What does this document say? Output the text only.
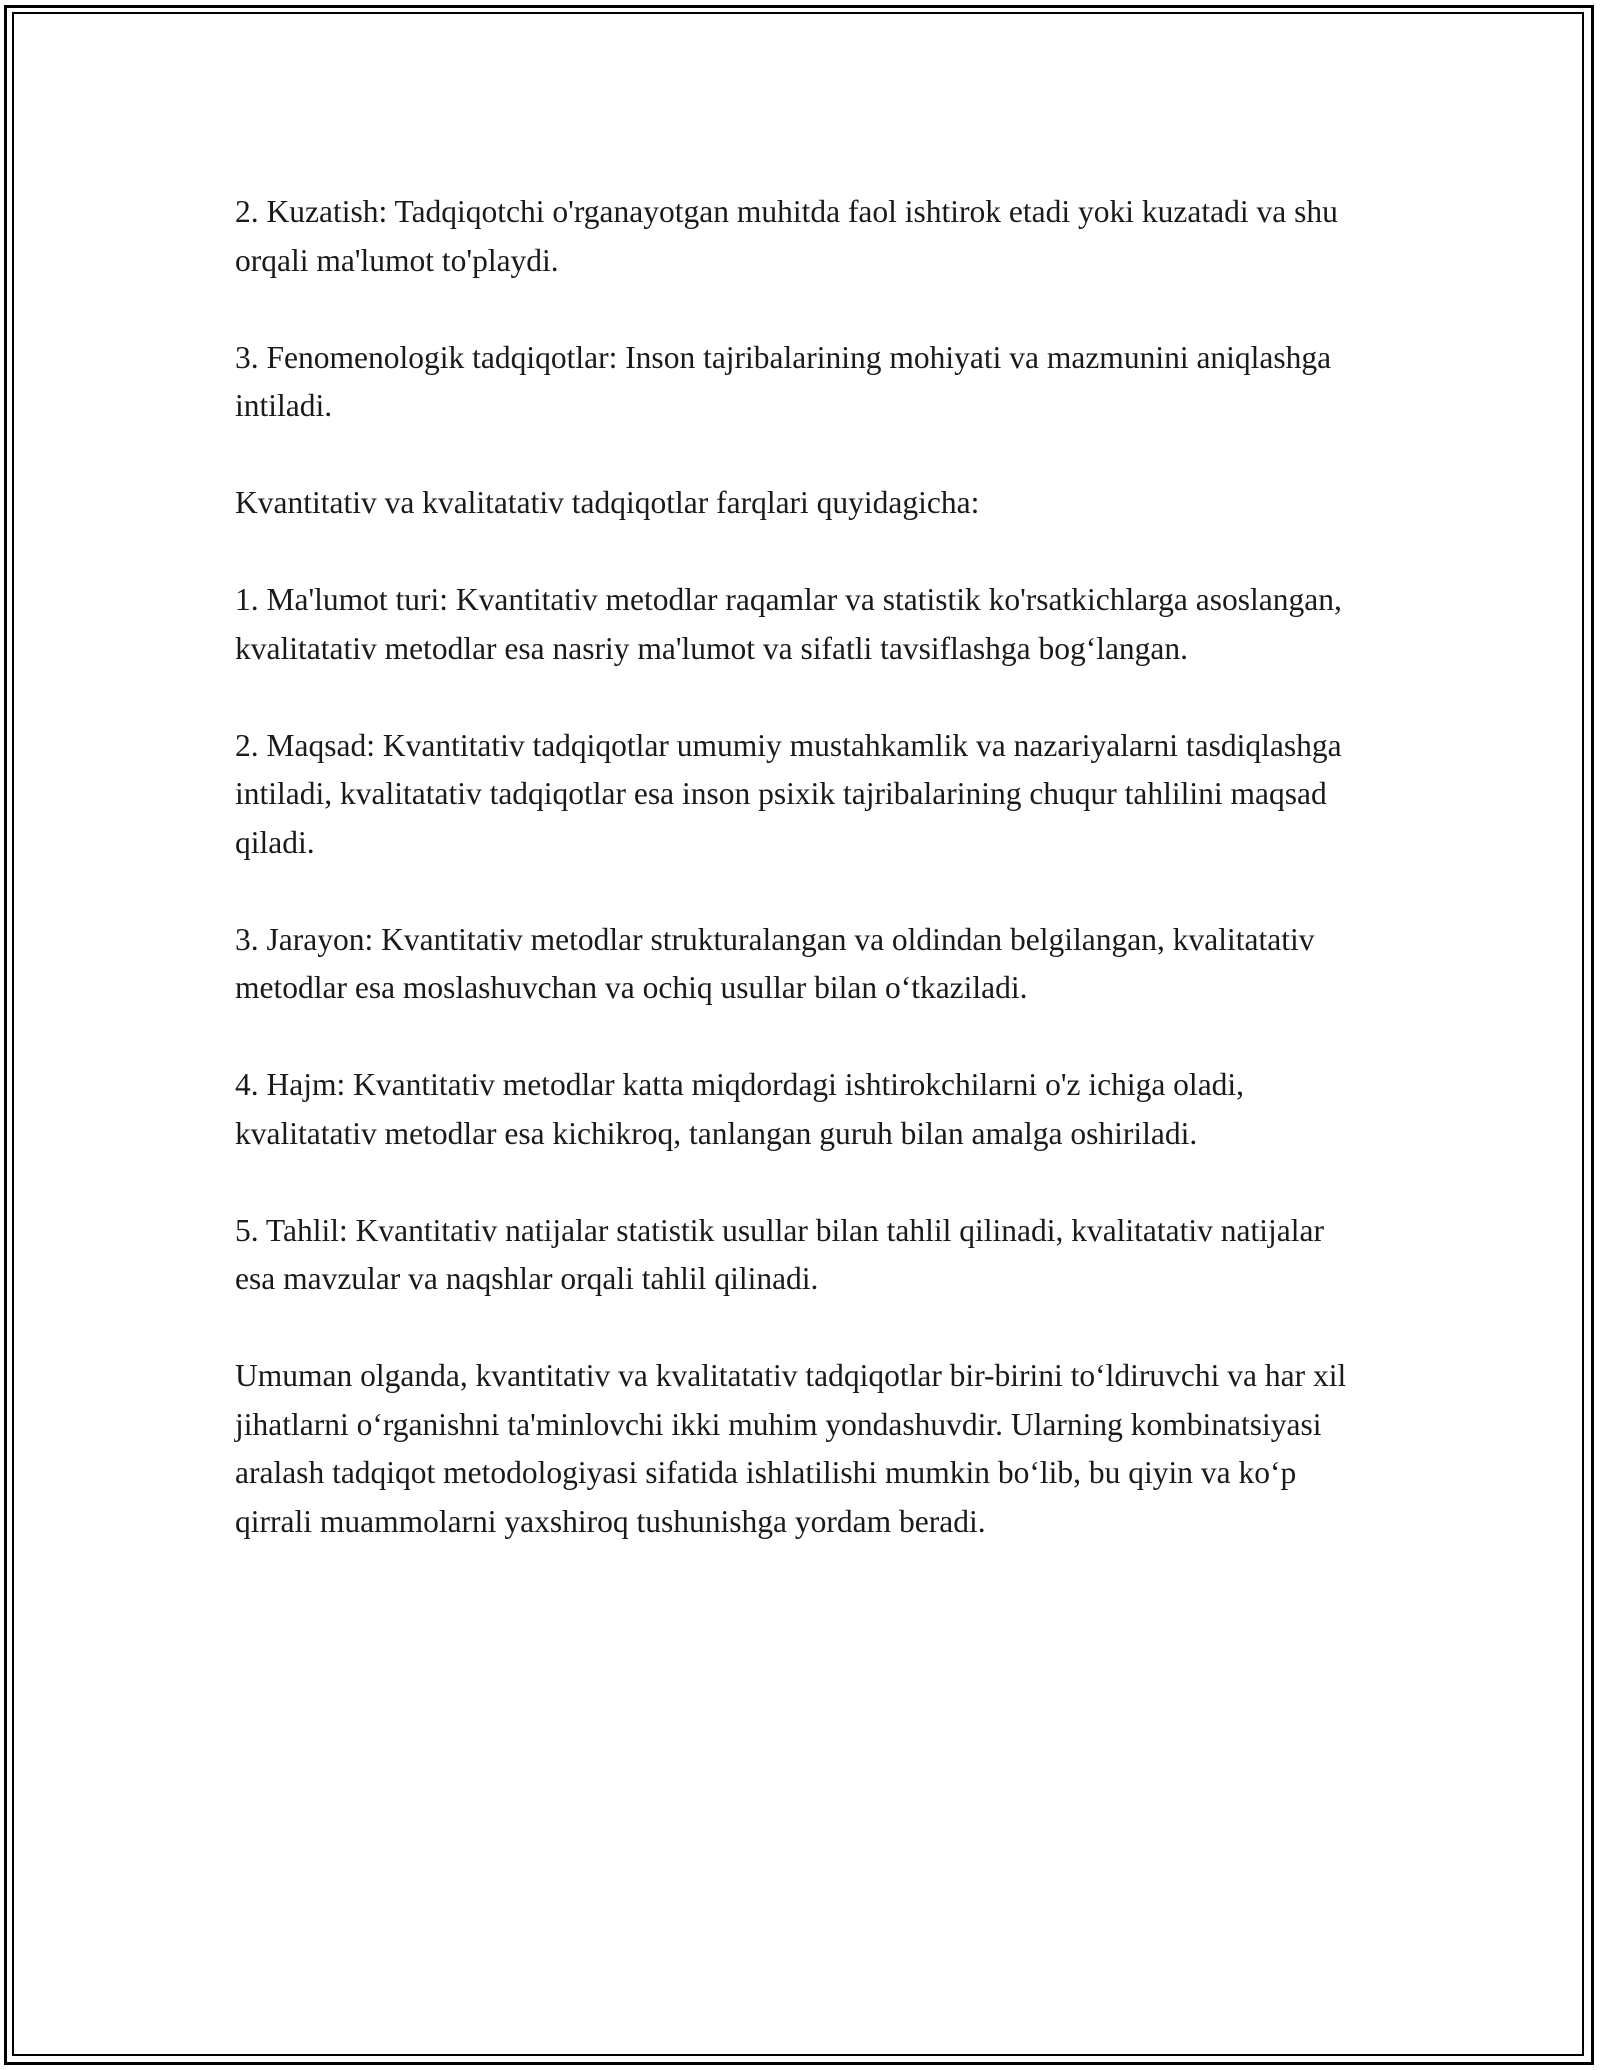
2. Kuzatish: Tadqiqotchi o'rganayotgan muhitda faol ishtirok etadi yoki kuzatadi va shu orqali ma'lumot to'playdi.

3. Fenomenologik tadqiqotlar: Inson tajribalarining mohiyati va mazmunini aniqlashga intiladi.

Kvantitativ va kvalitatativ tadqiqotlar farqlari quyidagicha:

1. Ma'lumot turi: Kvantitativ metodlar raqamlar va statistik ko'rsatkichlarga asoslangan, kvalitatativ metodlar esa nasriy ma'lumot va sifatli tavsiflashga bog‘langan.

2. Maqsad: Kvantitativ tadqiqotlar umumiy mustahkamlik va nazariyalarni tasdiqlashga intiladi, kvalitatativ tadqiqotlar esa inson psixik tajribalarining chuqur tahlilini maqsad qiladi.

3. Jarayon: Kvantitativ metodlar strukturalangan va oldindan belgilangan, kvalitatativ metodlar esa moslashuvchan va ochiq usullar bilan o‘tkaziladi.

4. Hajm: Kvantitativ metodlar katta miqdordagi ishtirokchilarni o'z ichiga oladi, kvalitatativ metodlar esa kichikroq, tanlangan guruh bilan amalga oshiriladi.

5. Tahlil: Kvantitativ natijalar statistik usullar bilan tahlil qilinadi, kvalitatativ natijalar esa mavzular va naqshlar orqali tahlil qilinadi.

Umuman olganda, kvantitativ va kvalitatativ tadqiqotlar bir-birini to‘ldiruvchi va har xil jihatlarni o‘rganishni ta'minlovchi ikki muhim yondashuvdir. Ularning kombinatsiyasi aralash tadqiqot metodologiyasi sifatida ishlatilishi mumkin bo‘lib, bu qiyin va ko‘p qirrali muammolarni yaxshiroq tushunishga yordam beradi.
